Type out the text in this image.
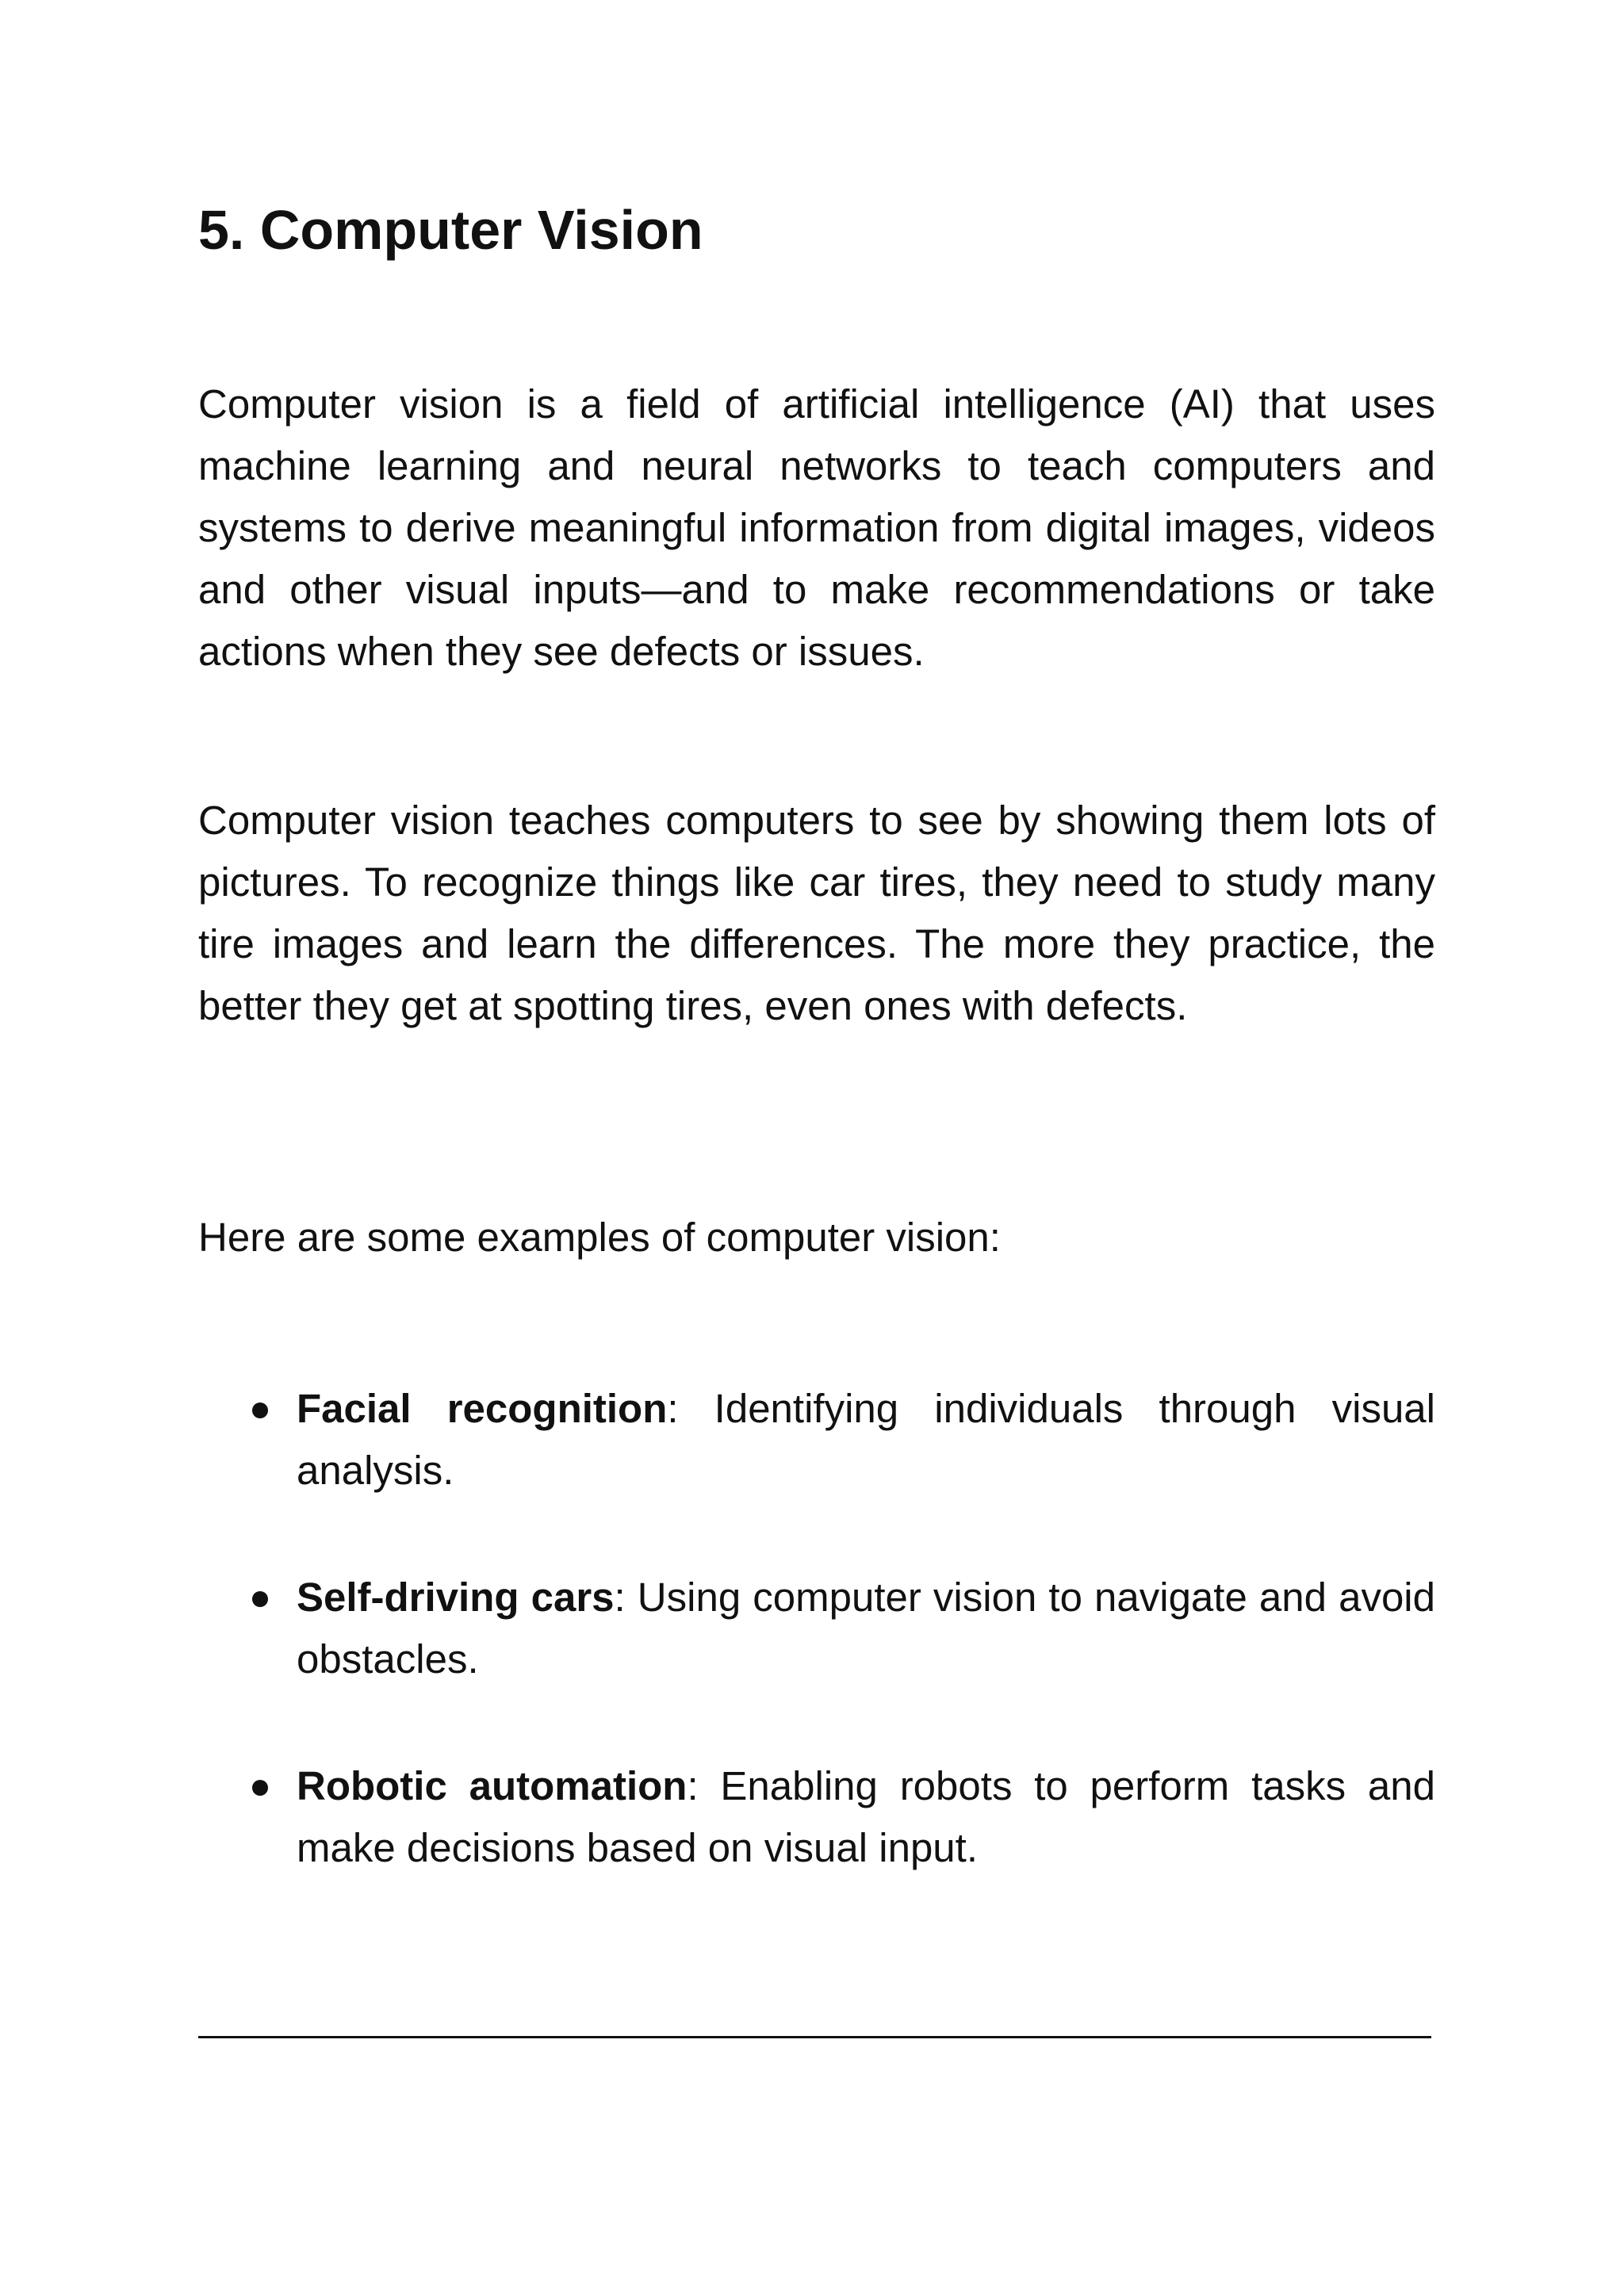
5. Computer Vision

Computer vision is a field of artificial intelligence (AI) that uses machine learning and neural networks to teach computers and systems to derive meaningful information from digital images, videos and other visual inputs—and to make recommendations or take actions when they see defects or issues.

Computer vision teaches computers to see by showing them lots of pictures. To recognize things like car tires, they need to study many tire images and learn the differences. The more they practice, the better they get at spotting tires, even ones with defects.

Here are some examples of computer vision:

Facial recognition: Identifying individuals through visual analysis.
Self-driving cars: Using computer vision to navigate and avoid obstacles.
Robotic automation: Enabling robots to perform tasks and make decisions based on visual input.
